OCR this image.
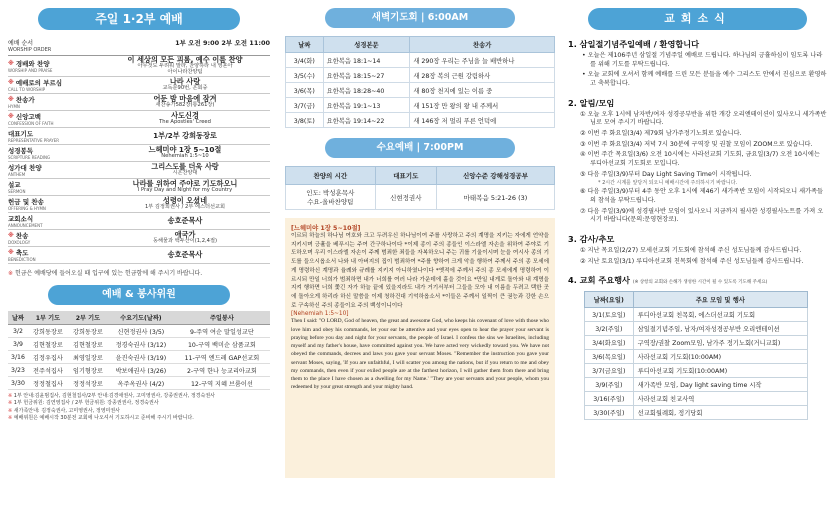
주일 1·2부 예배
예배 순서
WORSHIP ORDER
1부 오전 9:00 2부 오전 11:00
※ 경배와 찬양
WORSHIP AND PRAISE
이 세상의 모든 괴롬, 예수 이름 찬양
아무것도 두려워 말라, 찬양하라 내 영혼아
아이나라찬양팀
※ 예배로의 부르심
CALL TO WORSHIP
나라 사랑
교독문90번, 온회중
※ 찬송가
HYMN
어둔 밤 마음에 잠겨
새찬송가582장(통261장)
※ 신앙고백
CONFESSION OF FAITH
사도신경
The Apostles' Creed
대표기도
REPRESENTATIVE PRAYER
1부/2부 강희동장로
성경봉독
SCRIPTURE READING
느헤미야 1장 5~10절
Nehemiah 1:5~10
성가대 찬양
ANTHEM
그리스도를 더욱 사랑
시온찬양대
설교
SERMON
나라를 위하여 주야로 기도하오니
I Pray Day and Night for my Country
헌금 및 찬송
OFFERING & HYMN
성령이 오셨네
1부 김정희권사 / 2부 에스더선교회
교회소식
ANNOUNCEMENT
송호준목사
※ 찬송
DOXOLOGY
애국가
동해물과 백두산이(1,2,4절)
※ 축도
BENEDICTION
송호준목사
※ 헌금은 예배당에 들어오실 때 입구에 있는 헌금함에 해 주시기 바랍니다.
예배 & 봉사위원
날짜	1부 기도	2부 기도	수요기도(날짜)	주일봉사
3/2	강희동장로	강희동장로	신현정권사 (3/5)	9-주역 여순 말일성교단
3/9	김현철장로	김현철장로	정경숙권사 (3/12)	10-구역 백미순 삼품교회
3/16	김정우집사	최영일장로	윤진숙권사 (3/19)	11-구역 엔드레 GAP선교회
3/23	전주석집사	임기형장로	박보애권사 (3/26)	2-구역 한나 능교리아교회
3/30	정정철집사	정정석장로	옥주옥권사 (4/2)	12-구역 지혜 브룸이선
※ 1부 안내:김윤범집사, 김현철집사/2부 안내:김경애권사, 고미영권사, 강종권권사, 정경숙권사
※ 1부 헌금위원: 김연영집사 / 2부 헌금위원: 강종권권사, 정경숙권사
※ 새가족안내: 김정숙권사, 고미영권사, 정영미권사
※ 예배위원은 예배시작 30분전 교회에 나오셔서 기도하시고 준비해 주시기 바랍니다.
새벽기도회 | 6:00AM
날짜	성경본문	찬송가
3/4(화)	요한복음 18:1~14	새 290장 우리는 주님을 늘 배반하나
3/5(수)	요한복음 18:15~27	새 28장 복의 근원 강림하사
3/6(목)	요한복음 18:28~40	새 80장 천지에 있는 이름 중
3/7(금)	요한복음 19:1~13	새 151장 만 왕의 왕 내 주께서
3/8(토)	요한복음 19:14~22	새 146장 저 멀리 푸른 언덕에
수요예배 | 7:00PM
찬양의 시간	대표기도	신앙수준 강해성경공부

인도: 박성훈목사
수요-올바찬양팀	신현정권사	마태복음 5:21-26 (3)
[느헤미야 1장 5~10절]
이르되 하늘의 하나님 여호와 크고 두려우신 하나님이여 주를 사랑하고 주의 계명을 지키는 자에게 언약을 지키시며 긍휼을 베푸시는 주여 간구하나이다 *이제 종이 주의 종들인 이스라엘 자손을 위하여 주야로 기도하오며 우리 이스라엘 자손이 주께 범죄한 죄들을 자복하오니 주는 귀를 기울이시며 눈을 여시사 종의 기도를 들으시옵소서 나와 내 아버지의 집이 범죄하여 *주를 향하여 크게 악을 행하여 주께서 주의 종 모세에게 명령하신 계명과 율례와 규례를 지키지 아니하였나이다 *옛적에 주께서 주의 종 모세에게 명령하여 이르시되 만일 너희가 범죄하면 내가 너희를 여러 나라 가운데에 흩을 것이요 *만일 내게로 돌아와 내 계명을 지켜 행하면 너희 쫓긴 자가 하늘 끝에 있을지라도 내가 거기서부터 그들을 모아 내 이름을 두려고 택한 곳에 돌아오게 하리라 하신 말씀을 이제 청하건대 기억하옵소서 *이들은 주께서 일찍이 큰 권능과 강한 손으로 구속하신 주의 종들이요 주의 백성이니이다
[Nehemiah 1:5~10]
Then I said: "O LORD, God of heaven, the great and awesome God, who keeps his covenant of love with those who love him and obey his commands, let your ear be attentive and your eyes open to hear the prayer your servant is praying before you day and night for your servants, the people of Israel. I confess the sins we Israelites, including myself and my father's house, have committed against you. We have acted very wickedly toward you. We have not obeyed the commands, decrees and laws you gave your servant Moses. "Remember the instruction you gave your servant Moses, saying, 'If you are unfaithful, I will scatter you among the nations, but if you return to me and obey my commands, then even if your exiled people are at the farthest horizon, I will gather them from there and bring them to the place I have chosen as a dwelling for my Name.' "They are your servants and your people, whom you redeemed by your great strength and your mighty hand.
교회소식
1. 삼일절기념주일예배 / 환영합니다
• 오늘은 제106주년 삼일절 기념주일 예배로 드립니다. 하나님의 긍휼하심이 임도록 나라를 위해 기도를 부탁드립니다.
• 오늘 교회에 오셔서 함께 예배를 드린 모든 분들을 예수 그리스도 안에서 진심으로 환영하고 축복합니다.
2. 알림/모임
① 오늘 오후 1시에 남자반/여자 성경공부반을 위한 개강 오리엔테이션이 있사오니 세가족반님로 모여 주시기 바랍니다.
② 이번 주 화요일(3/4) 제79회 남가주정기노회로 있습니다.
③ 이번 주 화요일(3/4) 저녁 7시 30분에 구역장 및 권찰 모임이 ZOOM으로 있습니다.
④ 이번 주간 목요일(3/6) 오전 10시에는 사라선교회 기도회, 금요일(3/7) 오전 10시에는 루디아선교회 기도회로 모입니다.
⑤ 다음 주일(3/9)부터 Day Light Saving Time이 시작됩니다.
* 2시간 시계를 앞당겨 되오니 예배시간에 주의하시기 바랍니다.
⑥ 다음 주일(3/9)부터 4주 동안 오후 1시에 제46기 새가족반 모임이 시작되오니 새가족들의 참석을 부탁드립니다.
⑦ 다음 주일(3/9)에 성경필사반 모임이 있사오니 지금까지 필사한 성경필사노트를 가져 오시기 바랍니다(문의:문영현장로).
3. 감사/추모
① 지난 목요일(2/27) 모세선교회 기도회에 참석해 주신 성도님들께 감사드립니다.
② 지난 토요일(3/1) 루디아선교회 친목회에 참석해 주신 성도님들께 감사드립니다.
4. 교회 주요행사 (※ 상항의 교회와 손해가 생성한 시간이 될 수 있도록 기도해 주세요)
날짜(요일)	주요 모임 및 행사
3/1(토요일)	루디아선교회 친목회, 에스더선교회 기도회
3/2(주일)	삼일절기념주일, 남자/여자성경공부반 오리엔테이션
3/4(화요일)	구역장/권찰 Zoom모임, 남가주 정기노회(거니교회)
3/6(목요일)	사라선교회 기도회(10:00AM)
3/7(금요일)	루디아선교회 기도회(10:00AM)
3/9(주일)	새가족반 모임, Day light saving time 시작
3/16(주일)	사라선교회 친교사역
3/30(주일)	선교회월례회, 정기당회
